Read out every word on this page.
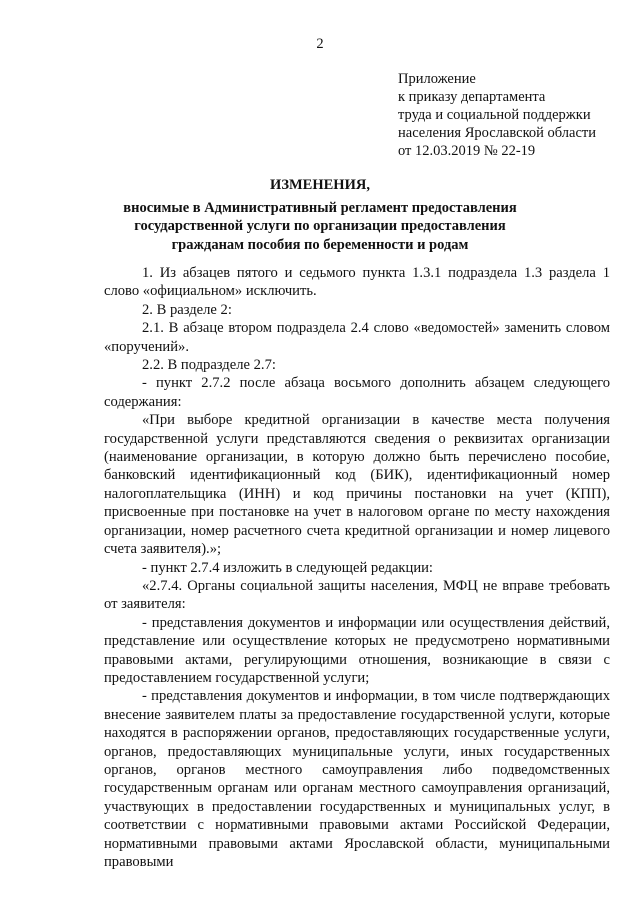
2
Приложение
к приказу департамента
труда и социальной поддержки
населения Ярославской области
от 12.03.2019 № 22-19
ИЗМЕНЕНИЯ,
вносимые в Административный регламент предоставления государственной услуги по организации предоставления гражданам пособия по беременности и родам

1. Из абзацев пятого и седьмого пункта 1.3.1 подраздела 1.3 раздела 1 слово «официальном» исключить.

2. В разделе 2:

2.1. В абзаце втором подраздела 2.4 слово «ведомостей» заменить словом «поручений».

2.2. В подразделе 2.7:

- пункт 2.7.2 после абзаца восьмого дополнить абзацем следующего содержания:

«При выборе кредитной организации в качестве места получения государственной услуги представляются сведения о реквизитах организации (наименование организации, в которую должно быть перечислено пособие, банковский идентификационный код (БИК), идентификационный номер налогоплательщика (ИНН) и код причины постановки на учет (КПП), присвоенные при постановке на учет в налоговом органе по месту нахождения организации, номер расчетного счета кредитной организации и номер лицевого счета заявителя).»;

- пункт 2.7.4 изложить в следующей редакции:

«2.7.4. Органы социальной защиты населения, МФЦ не вправе требовать от заявителя:

- представления документов и информации или осуществления действий, представление или осуществление которых не предусмотрено нормативными правовыми актами, регулирующими отношения, возникающие в связи с предоставлением государственной услуги;

- представления документов и информации, в том числе подтверждающих внесение заявителем платы за предоставление государственной услуги, которые находятся в распоряжении органов, предоставляющих государственные услуги, органов, предоставляющих муниципальные услуги, иных государственных органов, органов местного самоуправления либо подведомственных государственным органам или органам местного самоуправления организаций, участвующих в предоставлении государственных и муниципальных услуг, в соответствии с нормативными правовыми актами Российской Федерации, нормативными правовыми актами Ярославской области, муниципальными правовыми
